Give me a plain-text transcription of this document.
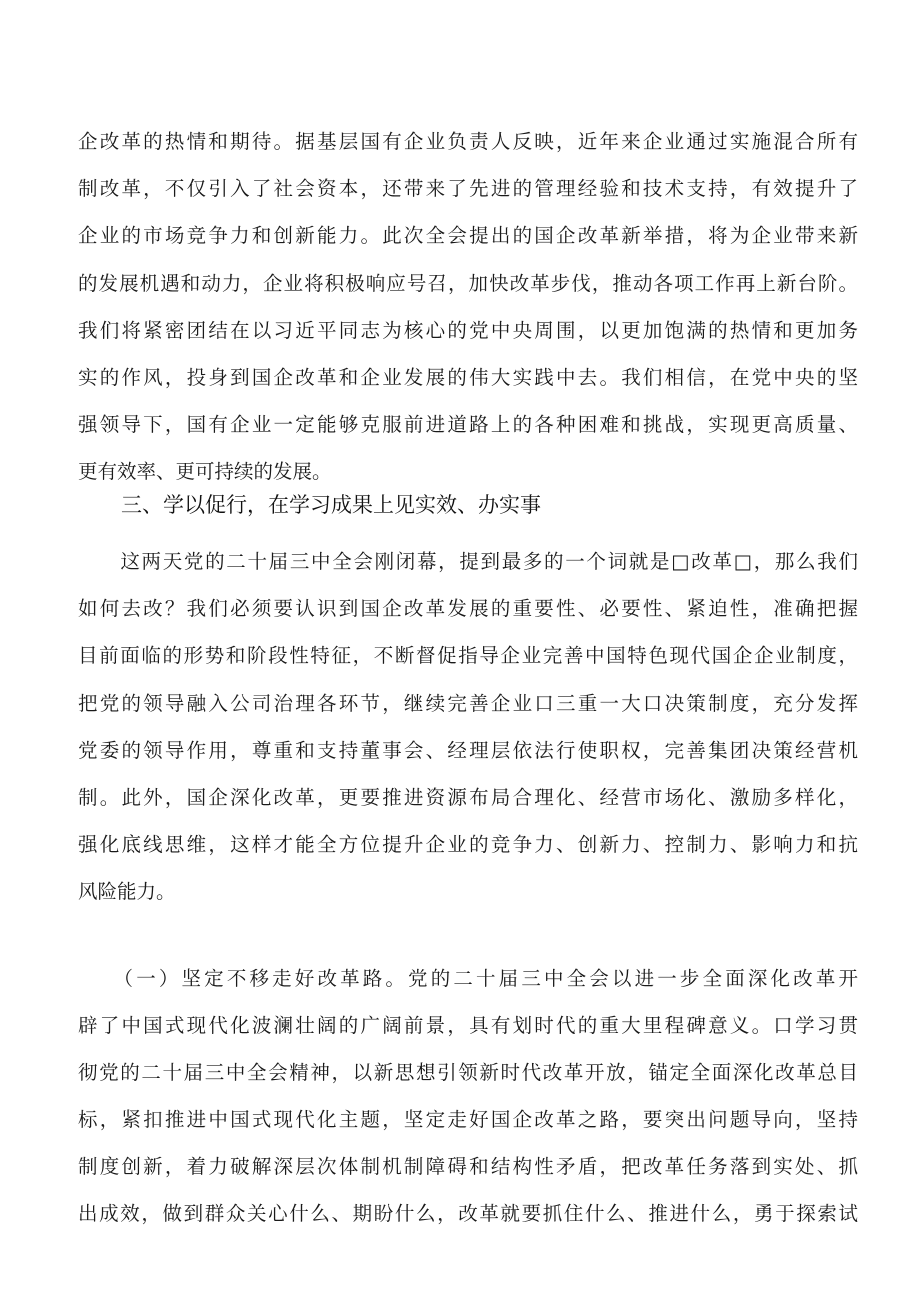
企改革的热情和期待。据基层国有企业负责人反映，近年来企业通过实施混合所有
制改革，不仅引入了社会资本，还带来了先进的管理经验和技术支持，有效提升了
企业的市场竞争力和创新能力。此次全会提出的国企改革新举措，将为企业带来新
的发展机遇和动力，企业将积极响应号召，加快改革步伐，推动各项工作再上新台阶。
我们将紧密团结在以习近平同志为核心的党中央周围，以更加饱满的热情和更加务
实的作风，投身到国企改革和企业发展的伟大实践中去。我们相信，在党中央的坚
强领导下，国有企业一定能够克服前进道路上的各种困难和挑战，实现更高质量、
更有效率、更可持续的发展。
三、学以促行，在学习成果上见实效、办实事
　　这两天党的二十届三中全会刚闭幕，提到最多的一个词就是□改革□，那么我们
如何去改？我们必须要认识到国企改革发展的重要性、必要性、紧迫性，准确把握
目前面临的形势和阶段性特征，不断督促指导企业完善中国特色现代国企企业制度，
把党的领导融入公司治理各环节，继续完善企业口三重一大口决策制度，充分发挥
党委的领导作用，尊重和支持董事会、经理层依法行使职权，完善集团决策经营机
制。此外，国企深化改革，更要推进资源布局合理化、经营市场化、激励多样化，
强化底线思维，这样才能全方位提升企业的竞争力、创新力、控制力、影响力和抗
风险能力。
　　（一）坚定不移走好改革路。党的二十届三中全会以进一步全面深化改革开
辟了中国式现代化波澜壮阔的广阔前景，具有划时代的重大里程碑意义。口学习贯
彻党的二十届三中全会精神，以新思想引领新时代改革开放，锚定全面深化改革总目
标，紧扣推进中国式现代化主题，坚定走好国企改革之路，要突出问题导向，坚持
制度创新，着力破解深层次体制机制障碍和结构性矛盾，把改革任务落到实处、抓
出成效，做到群众关心什么、期盼什么，改革就要抓住什么、推进什么，勇于探索试
